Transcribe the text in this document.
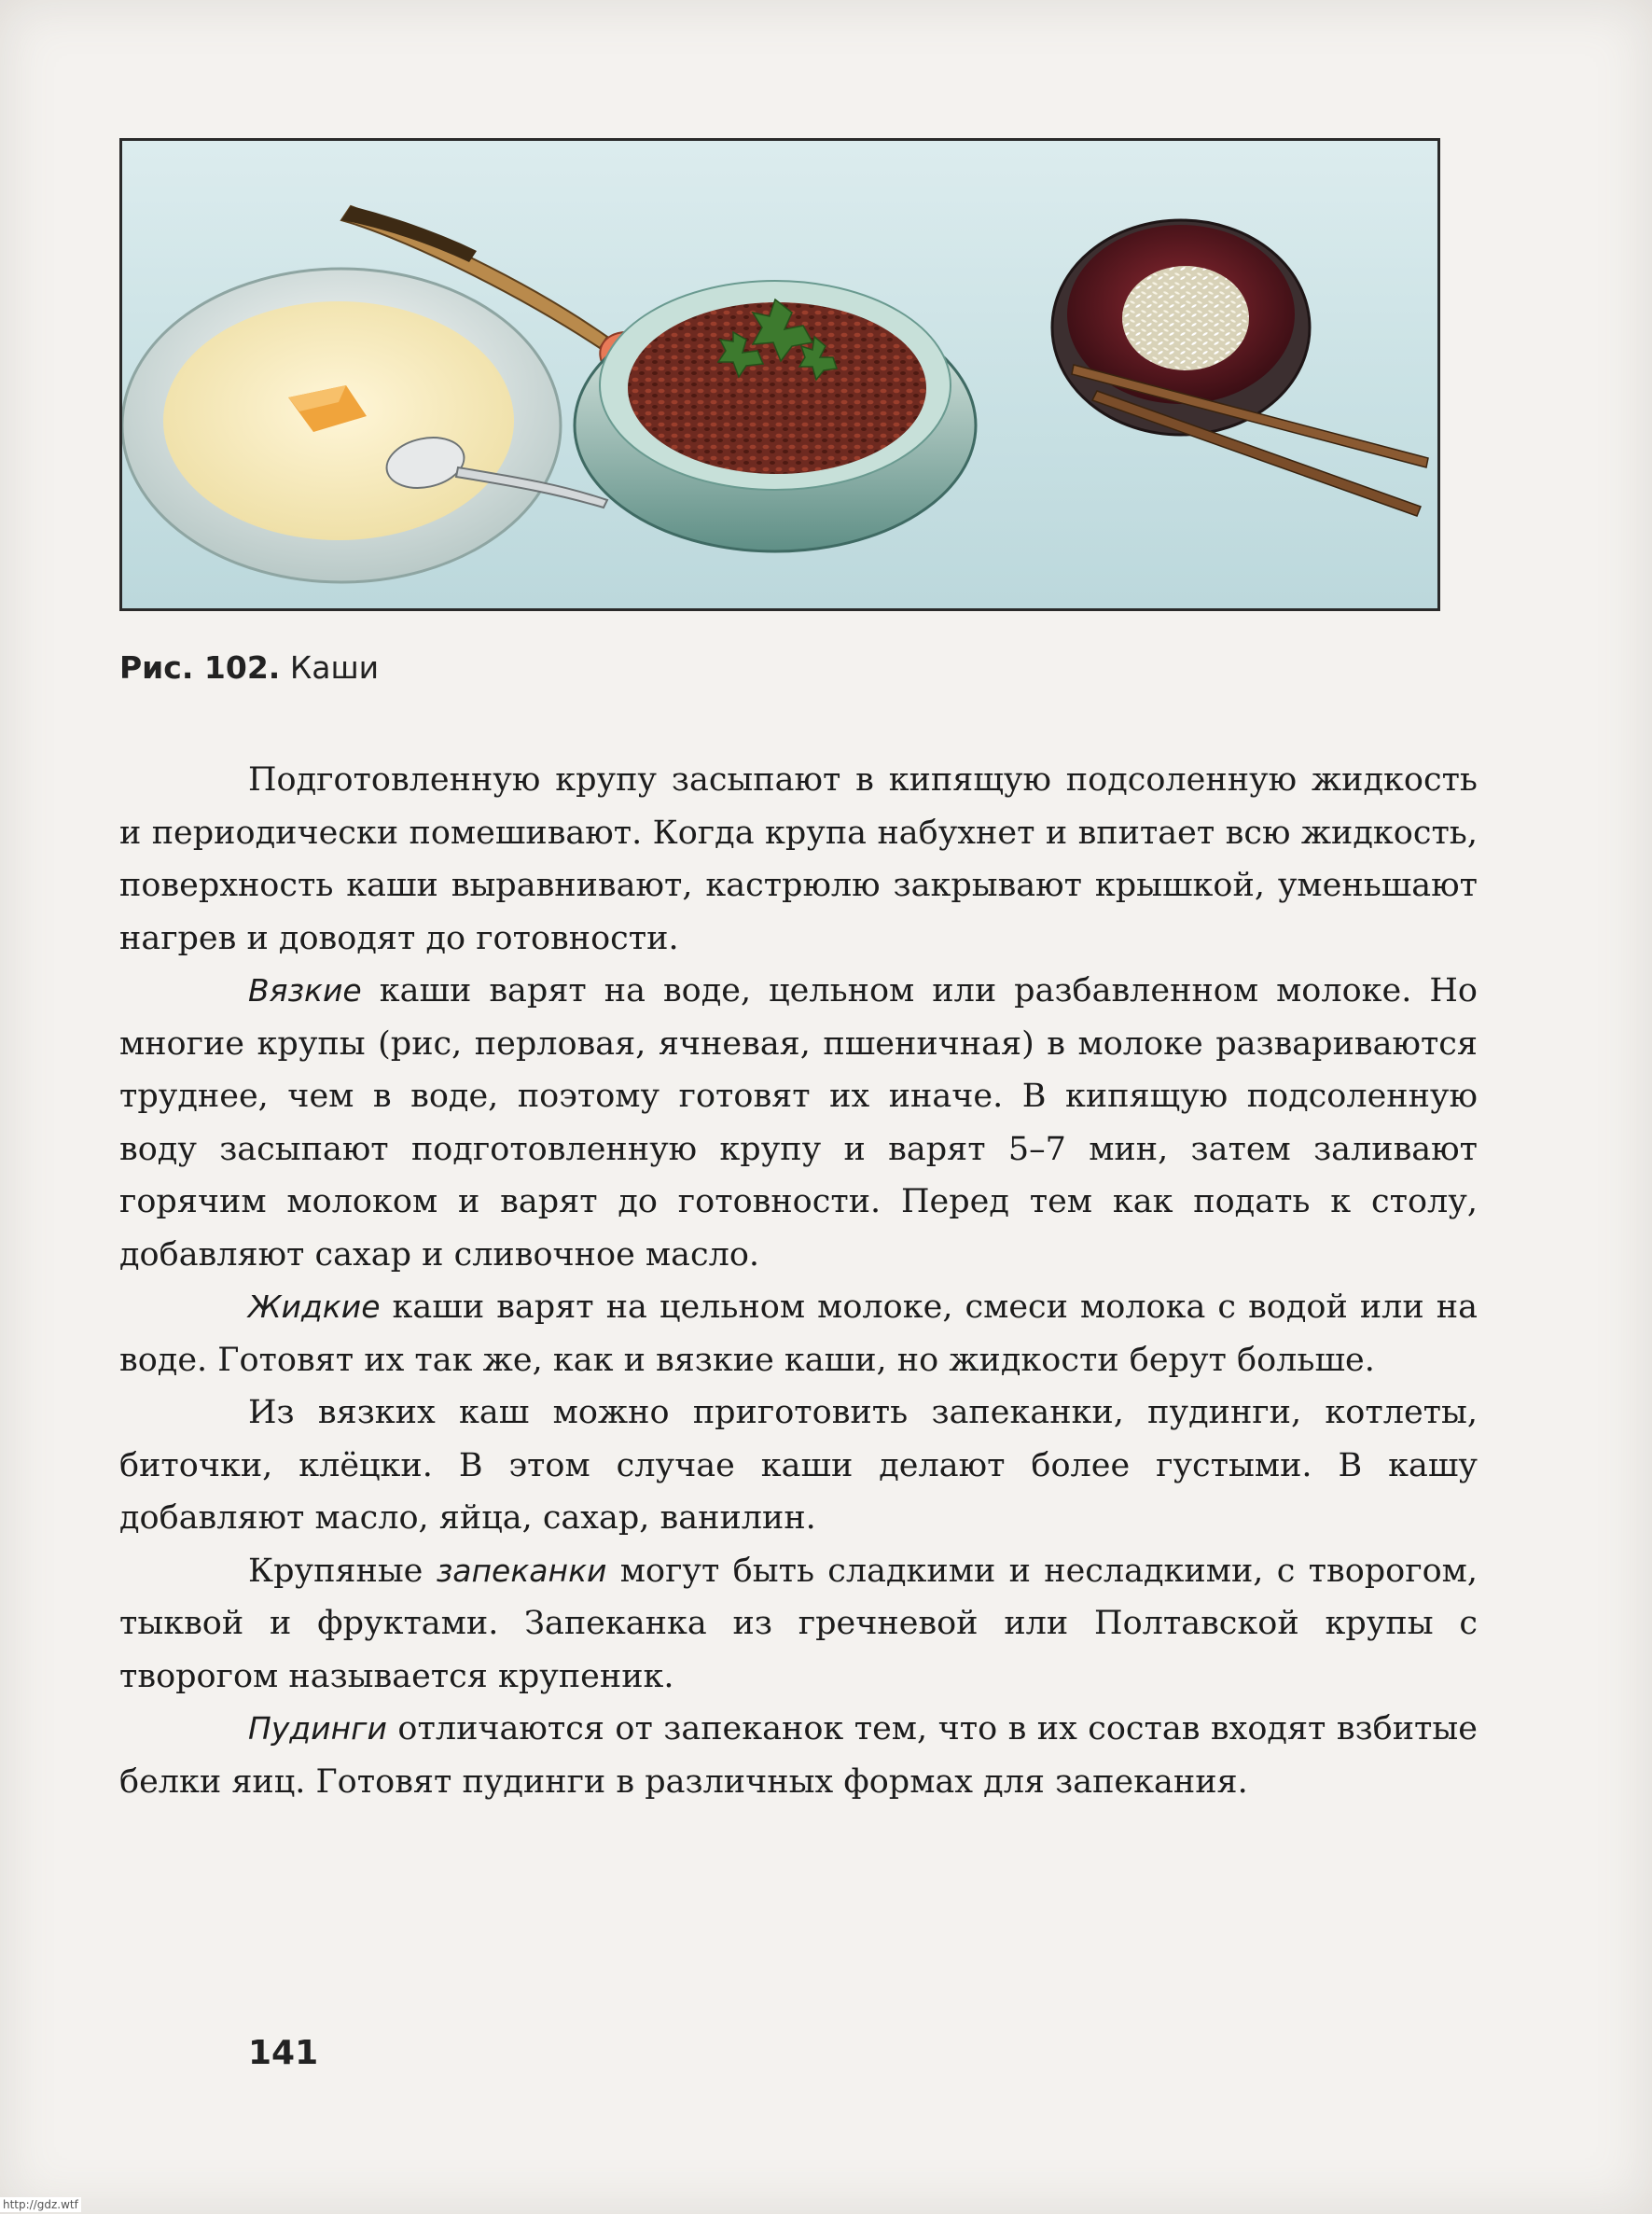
Рис. 102. Каши

Подготовленную крупу засыпают в кипящую подсоленную жидкость и периодически помешивают. Когда крупа набухнет и впитает всю жидкость, поверхность каши выравнивают, кастрюлю закрывают крышкой, уменьшают нагрев и доводят до готовности.

Вязкие каши варят на воде, цельном или разбавленном молоке. Но многие крупы (рис, перловая, ячневая, пшеничная) в молоке развариваются труднее, чем в воде, поэтому готовят их иначе. В кипящую подсоленную воду засыпают подготовленную крупу и варят 5–7 мин, затем заливают горячим молоком и варят до готовности. Перед тем как подать к столу, добавляют сахар и сливочное масло.

Жидкие каши варят на цельном молоке, смеси молока с водой или на воде. Готовят их так же, как и вязкие каши, но жидкости берут больше.

Из вязких каш можно приготовить запеканки, пудинги, котлеты, биточки, клёцки. В этом случае каши делают более густыми. В кашу добавляют масло, яйца, сахар, ванилин.

Крупяные запеканки могут быть сладкими и несладкими, с творогом, тыквой и фруктами. Запеканка из гречневой или Полтавской крупы с творогом называется крупеник.

Пудинги отличаются от запеканок тем, что в их состав входят взбитые белки яиц. Готовят пудинги в различных формах для запекания.

141
http://gdz.wtf
